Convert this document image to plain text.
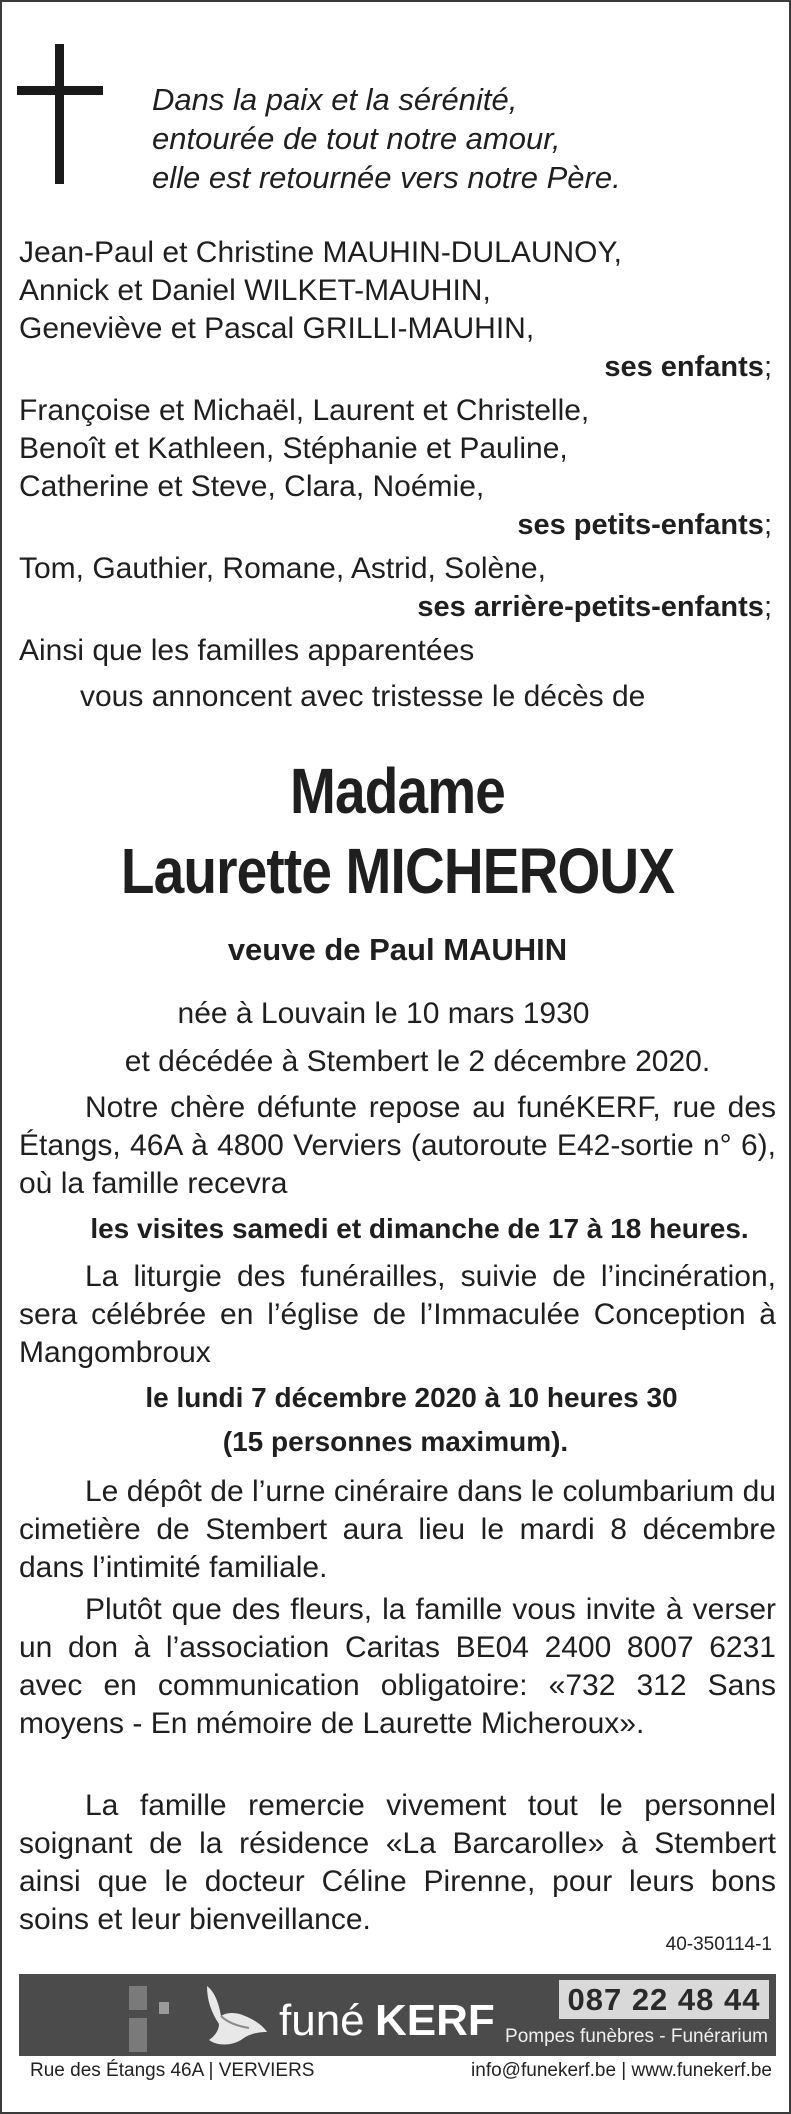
Dans la paix et la sérénité,
entourée de tout notre amour,
elle est retournée vers notre Père.
Jean-Paul et Christine MAUHIN-DULAUNOY,
Annick et Daniel WILKET-MAUHIN,
Geneviève et Pascal GRILLI-MAUHIN,
ses enfants;
Françoise et Michaël, Laurent et Christelle,
Benoît et Kathleen, Stéphanie et Pauline,
Catherine et Steve, Clara, Noémie,
ses petits-enfants;
Tom, Gauthier, Romane, Astrid, Solène,
ses arrière-petits-enfants;
Ainsi que les familles apparentées
vous annoncent avec tristesse le décès de
Madame
Laurette MICHEROUX
veuve de Paul MAUHIN
née à Louvain le 10 mars 1930
et décédée à Stembert le 2 décembre 2020.
Notre chère défunte repose au funéKERF, rue des Étangs, 46A à 4800 Verviers (autoroute E42-sortie n° 6), où la famille recevra
les visites samedi et dimanche de 17 à 18 heures.
La liturgie des funérailles, suivie de l’incinération, sera célébrée en l’église de l’Immaculée Conception à Mangombroux
le lundi 7 décembre 2020 à 10 heures 30
(15 personnes maximum).
Le dépôt de l’urne cinéraire dans le columbarium du cimetière de Stembert aura lieu le mardi 8 décembre dans l’intimité familiale.
Plutôt que des fleurs, la famille vous invite à verser un don à l’association Caritas BE04 2400 8007 6231 avec en communication obligatoire: «732 312 Sans moyens - En mémoire de Laurette Micheroux».
La famille remercie vivement tout le personnel soignant de la résidence «La Barcarolle» à Stembert ainsi que le docteur Céline Pirenne, pour leurs bons soins et leur bienveillance.
40-350114-1
funé KERF 087 22 48 44
Pompes funèbres - Funérarium
Rue des Étangs 46A | VERVIERS	info@funekerf.be | www.funekerf.be
